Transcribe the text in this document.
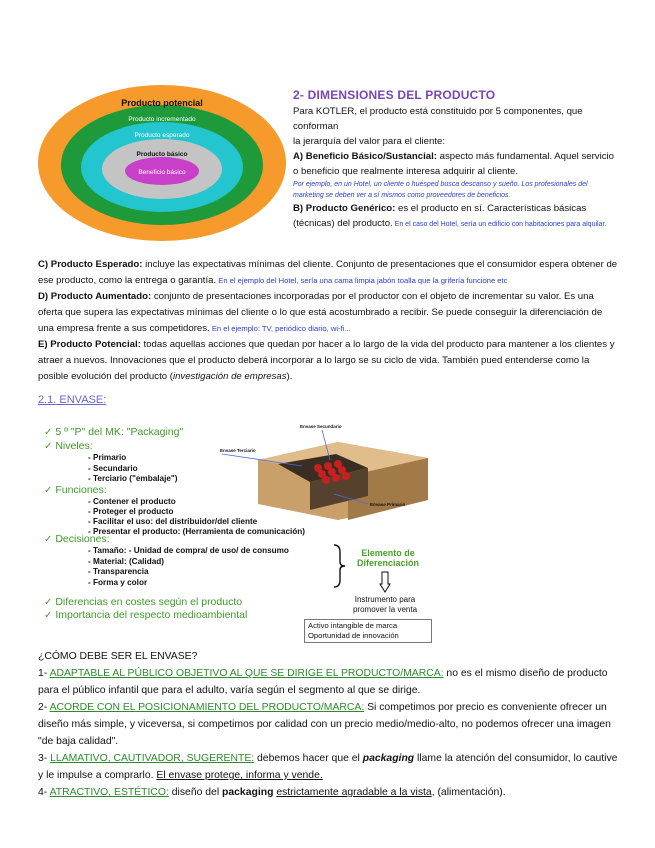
Producto potencial
Producto incrementado
Producto esperado
Producto básico
Beneficio básico
2- DIMENSIONES DEL PRODUCTO

Para KOTLER, el producto está constituido por 5 componentes, que conforman

la jerarquía del valor para el cliente:

A) Beneficio Básico/Sustancial: aspecto más fundamental. Aquel servicio o beneficio que realmente interesa adquirir al cliente.

Por ejemplo, en un Hotel, un cliente o huésped busca descanso y sueño. Los profesionales del marketing se deben ver a sí mismos como proveedores de beneficios.

B) Producto Genérico: es el producto en sí. Características básicas (técnicas) del producto. En el caso del Hotel, sería un edificio con habitaciones para alquilar.

C) Producto Esperado: incluye las expectativas mínimas del cliente. Conjunto de presentaciones que el consumidor espera obtener de ese producto, como la entrega o garantía. En el ejemplo del Hotel, sería una cama limpia jabón toalla que la grifería funcione etc

D) Producto Aumentado: conjunto de presentaciones incorporadas por el productor con el objeto de incrementar su valor. Es una oferta que supera las expectativas mínimas del cliente o lo que está acostumbrado a recibir. Se puede conseguir la diferenciación de una empresa frente a sus competidores. En el ejemplo: TV, periódico diario, wi-fi...

E) Producto Potencial: todas aquellas acciones que quedan por hacer a lo largo de la vida del producto para mantener a los clientes y atraer a nuevos. Innovaciones que el producto deberá incorporar a lo largo se su ciclo de vida. También pued entenderse como la posible evolución del producto (investigación de empresas).

2.1. ENVASE:
✓ 5 º "P" del MK: "Packaging"
✓ Niveles:
- Primario
- Secundario
- Terciario ("embalaje")
✓ Funciones:
- Contener el producto
- Proteger el producto
- Facilitar el uso: del distribuidor/del cliente
- Presentar el producto: (Herramienta de comunicación)
✓ Decisiones:
- Tamaño: - Unidad de compra/ de uso/ de consumo
- Material: (Calidad)
- Transparencia
- Forma y color
Elemento de Diferenciación
Instrumento para promover la venta
Activo intangible de marca
Oportunidad de innovación
✓ Diferencias en costes según el producto
✓ Importancia del respecto medioambiental
Envase Secundario
Envase Terciario
Envase Primario

¿CÓMO DEBE SER EL ENVASE?

1- ADAPTABLE AL PÚBLICO OBJETIVO AL QUE SE DIRIGE EL PRODUCTO/MARCA: no es el mismo diseño de producto para el público infantil que para el adulto, varía según el segmento al que se dirige.

2- ACORDE CON EL POSICIONAMIENTO DEL PRODUCTO/MARCA: Si competimos por precio es conveniente ofrecer un diseño más simple, y viceversa, si competimos por calidad con un precio medio/medio-alto, no podemos ofrecer una imagen "de baja calidad".

3- LLAMATIVO, CAUTIVADOR, SUGERENTE: debemos hacer que el packaging llame la atención del consumidor, lo cautive y le impulse a comprarlo. El envase protege, informa y vende.

4- ATRACTIVO, ESTÉTICO: diseño del packaging estrictamente agradable a la vista, (alimentación).
